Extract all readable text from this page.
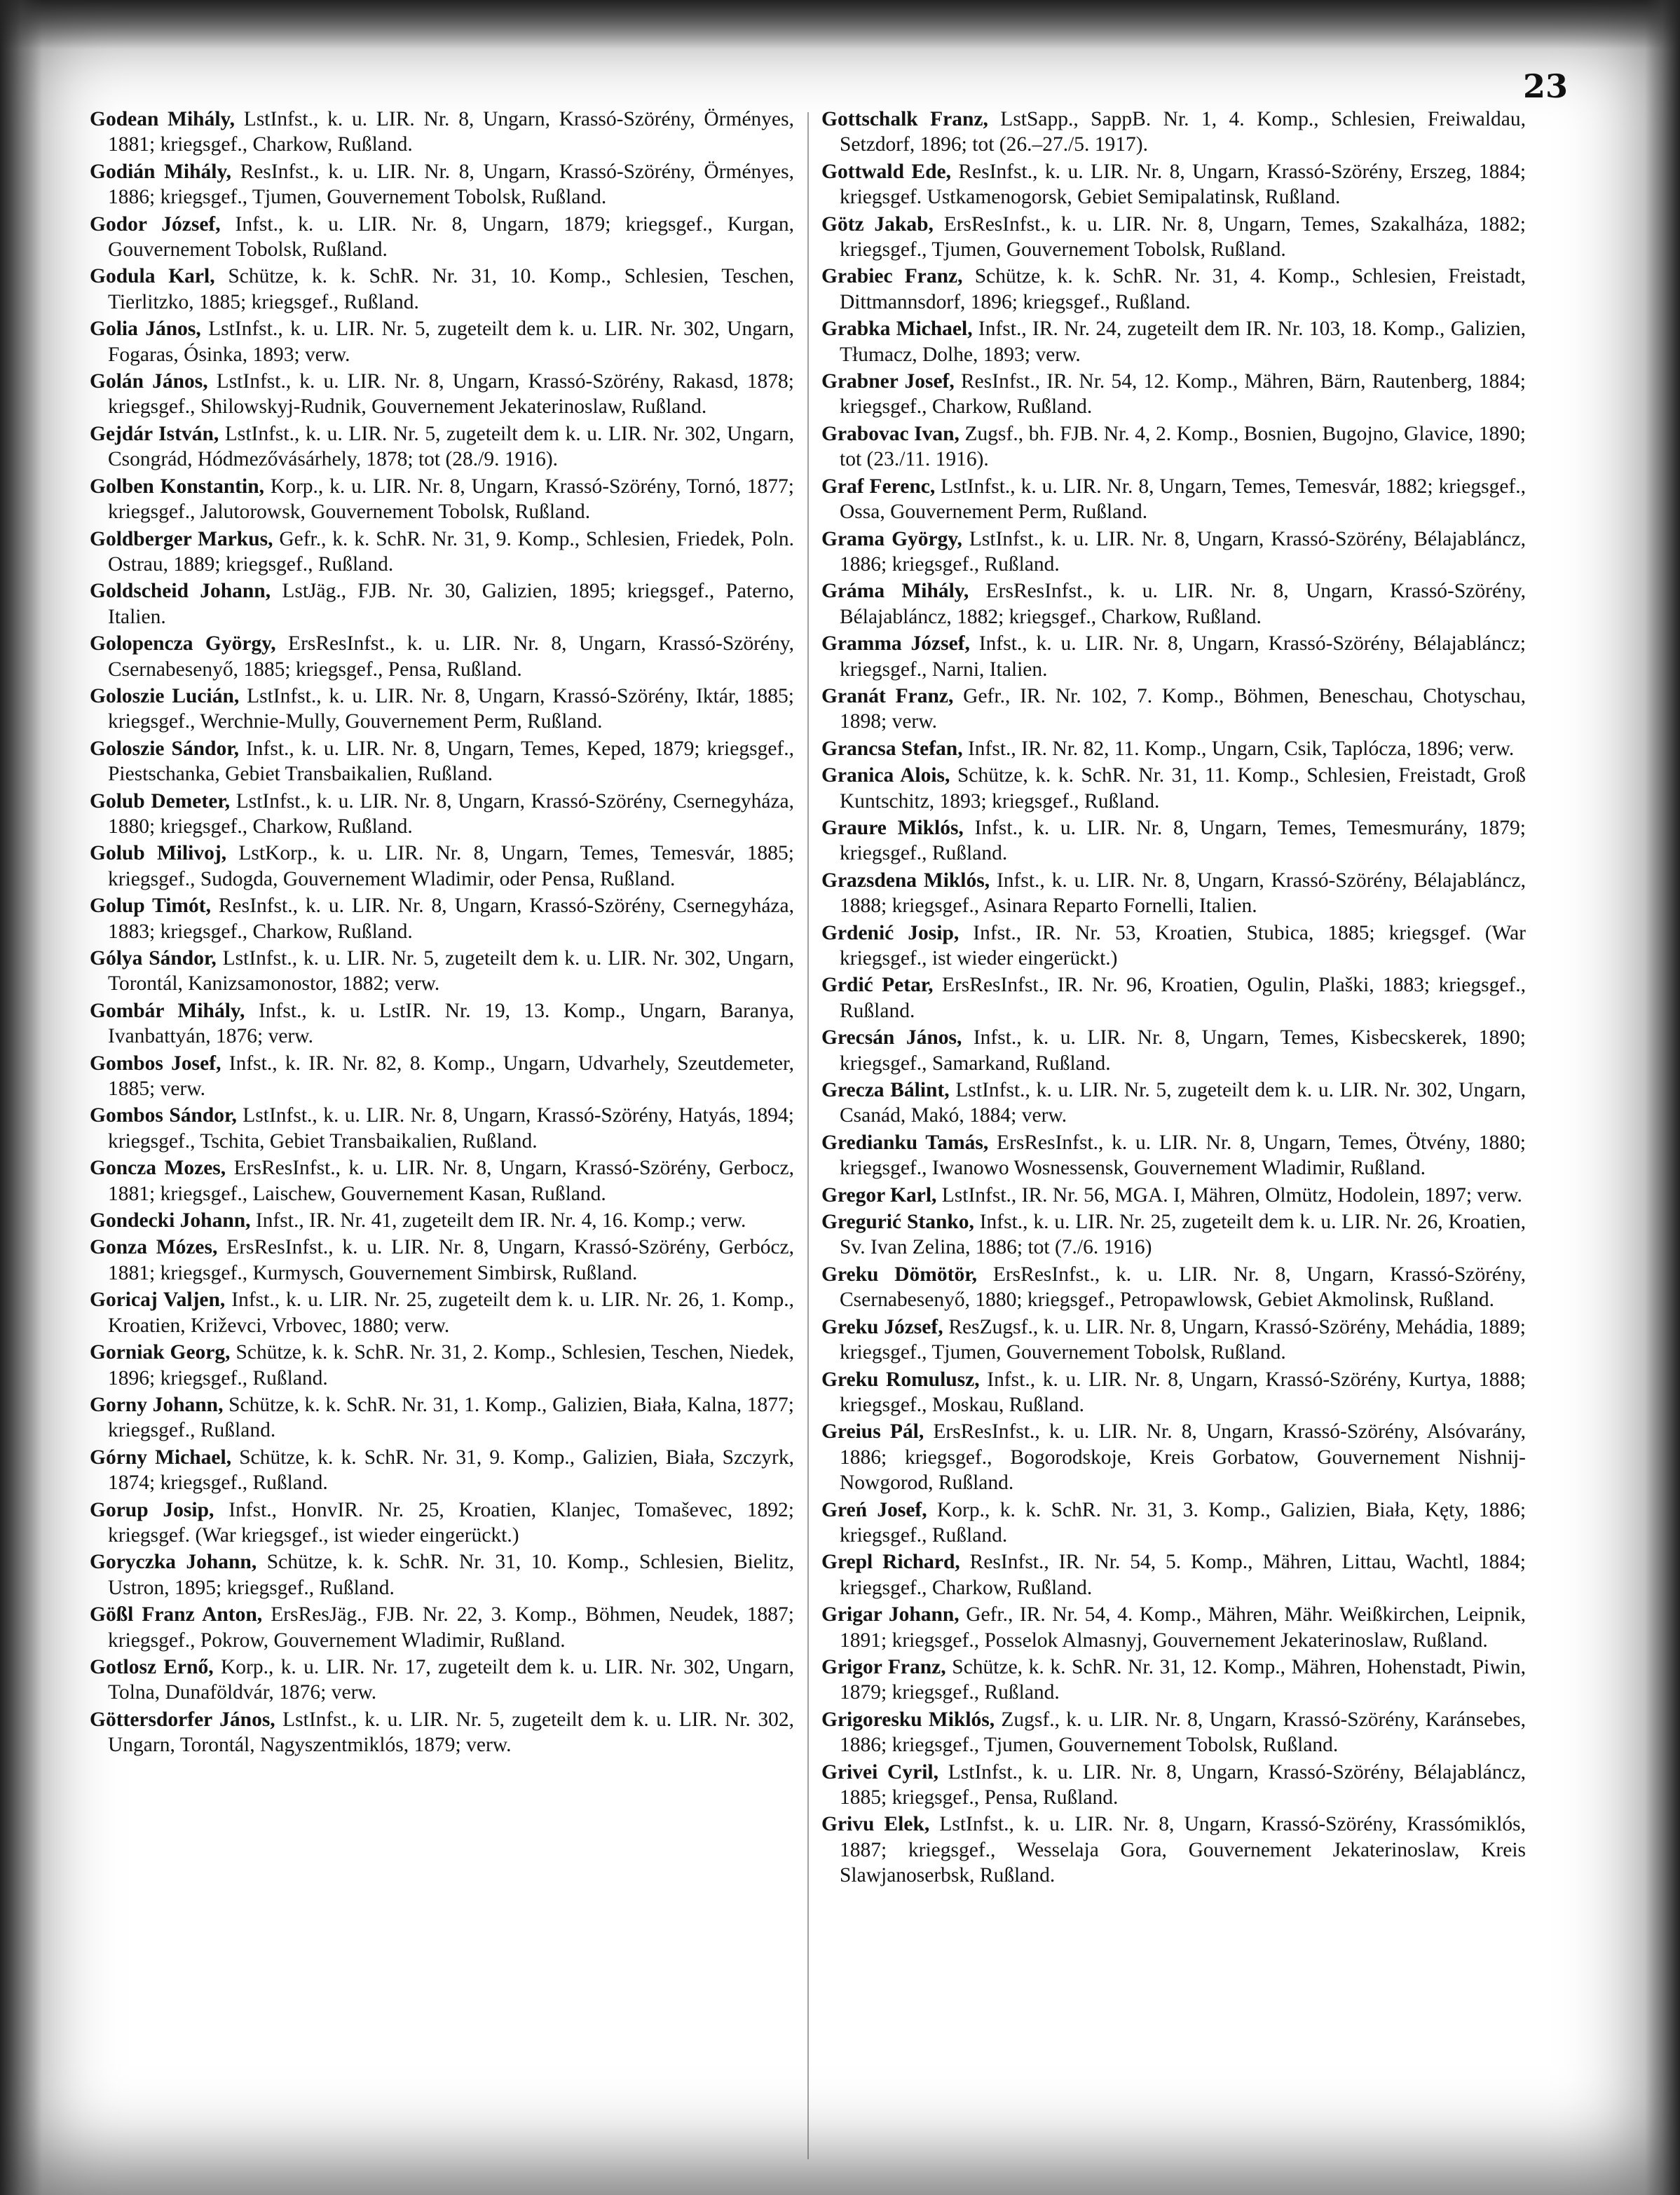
23

Godean Mihály, LstInfst., k. u. LIR. Nr. 8, Ungarn, Krassó-Szörény, Örményes, 1881; kriegsgef., Charkow, Rußland.

Godián Mihály, ResInfst., k. u. LIR. Nr. 8, Ungarn, Krassó-Szörény, Örményes, 1886; kriegsgef., Tjumen, Gouvernement Tobolsk, Rußland.

Godor József, Infst., k. u. LIR. Nr. 8, Ungarn, 1879; kriegsgef., Kurgan, Gouvernement Tobolsk, Rußland.

Godula Karl, Schütze, k. k. SchR. Nr. 31, 10. Komp., Schlesien, Teschen, Tierlitzko, 1885; kriegsgef., Rußland.

Golia János, LstInfst., k. u. LIR. Nr. 5, zugeteilt dem k. u. LIR. Nr. 302, Ungarn, Fogaras, Ósinka, 1893; verw.

Golán János, LstInfst., k. u. LIR. Nr. 8, Ungarn, Krassó-Szörény, Rakasd, 1878; kriegsgef., Shilowskyj-Rudnik, Gouvernement Jekaterinoslaw, Rußland.

Gejdár István, LstInfst., k. u. LIR. Nr. 5, zugeteilt dem k. u. LIR. Nr. 302, Ungarn, Csongrád, Hódmezővásárhely, 1878; tot (28./9. 1916).

Golben Konstantin, Korp., k. u. LIR. Nr. 8, Ungarn, Krassó-Szörény, Tornó, 1877; kriegsgef., Jalutorowsk, Gouvernement Tobolsk, Rußland.

Goldberger Markus, Gefr., k. k. SchR. Nr. 31, 9. Komp., Schlesien, Friedek, Poln. Ostrau, 1889; kriegsgef., Rußland.

Goldscheid Johann, LstJäg., FJB. Nr. 30, Galizien, 1895; kriegsgef., Paterno, Italien.

Golopencza György, ErsResInfst., k. u. LIR. Nr. 8, Ungarn, Krassó-Szörény, Csernabesenyő, 1885; kriegsgef., Pensa, Rußland.

Goloszie Lucián, LstInfst., k. u. LIR. Nr. 8, Ungarn, Krassó-Szörény, Iktár, 1885; kriegsgef., Werchnie-Mully, Gouvernement Perm, Rußland.

Goloszie Sándor, Infst., k. u. LIR. Nr. 8, Ungarn, Temes, Keped, 1879; kriegsgef., Piestschanka, Gebiet Transbaikalien, Rußland.

Golub Demeter, LstInfst., k. u. LIR. Nr. 8, Ungarn, Krassó-Szörény, Csernegyháza, 1880; kriegsgef., Charkow, Rußland.

Golub Milivoj, LstKorp., k. u. LIR. Nr. 8, Ungarn, Temes, Temesvár, 1885; kriegsgef., Sudogda, Gouvernement Wladimir, oder Pensa, Rußland.

Golup Timót, ResInfst., k. u. LIR. Nr. 8, Ungarn, Krassó-Szörény, Csernegyháza, 1883; kriegsgef., Charkow, Rußland.

Gólya Sándor, LstInfst., k. u. LIR. Nr. 5, zugeteilt dem k. u. LIR. Nr. 302, Ungarn, Torontál, Kanizsamonostor, 1882; verw.

Gombár Mihály, Infst., k. u. LstIR. Nr. 19, 13. Komp., Ungarn, Baranya, Ivanbattyán, 1876; verw.

Gombos Josef, Infst., k. IR. Nr. 82, 8. Komp., Ungarn, Udvarhely, Szeutdemeter, 1885; verw.

Gombos Sándor, LstInfst., k. u. LIR. Nr. 8, Ungarn, Krassó-Szörény, Hatyás, 1894; kriegsgef., Tschita, Gebiet Transbaikalien, Rußland.

Goncza Mozes, ErsResInfst., k. u. LIR. Nr. 8, Ungarn, Krassó-Szörény, Gerbocz, 1881; kriegsgef., Laischew, Gouvernement Kasan, Rußland.

Gondecki Johann, Infst., IR. Nr. 41, zugeteilt dem IR. Nr. 4, 16. Komp.; verw.

Gonza Mózes, ErsResInfst., k. u. LIR. Nr. 8, Ungarn, Krassó-Szörény, Gerbócz, 1881; kriegsgef., Kurmysch, Gouvernement Simbirsk, Rußland.

Goricaj Valjen, Infst., k. u. LIR. Nr. 25, zugeteilt dem k. u. LIR. Nr. 26, 1. Komp., Kroatien, Križevci, Vrbovec, 1880; verw.

Gorniak Georg, Schütze, k. k. SchR. Nr. 31, 2. Komp., Schlesien, Teschen, Niedek, 1896; kriegsgef., Rußland.

Gorny Johann, Schütze, k. k. SchR. Nr. 31, 1. Komp., Galizien, Biała, Kalna, 1877; kriegsgef., Rußland.

Górny Michael, Schütze, k. k. SchR. Nr. 31, 9. Komp., Galizien, Biała, Szczyrk, 1874; kriegsgef., Rußland.

Gorup Josip, Infst., HonvIR. Nr. 25, Kroatien, Klanjec, Tomaševec, 1892; kriegsgef. (War kriegsgef., ist wieder eingerückt.)

Goryczka Johann, Schütze, k. k. SchR. Nr. 31, 10. Komp., Schlesien, Bielitz, Ustron, 1895; kriegsgef., Rußland.

Gößl Franz Anton, ErsResJäg., FJB. Nr. 22, 3. Komp., Böhmen, Neudek, 1887; kriegsgef., Pokrow, Gouvernement Wladimir, Rußland.

Gotlosz Ernő, Korp., k. u. LIR. Nr. 17, zugeteilt dem k. u. LIR. Nr. 302, Ungarn, Tolna, Dunaföldvár, 1876; verw.

Göttersdorfer János, LstInfst., k. u. LIR. Nr. 5, zugeteilt dem k. u. LIR. Nr. 302, Ungarn, Torontál, Nagyszentmiklós, 1879; verw.

Gottschalk Franz, LstSapp., SappB. Nr. 1, 4. Komp., Schlesien, Freiwaldau, Setzdorf, 1896; tot (26.–27./5. 1917).

Gottwald Ede, ResInfst., k. u. LIR. Nr. 8, Ungarn, Krassó-Szörény, Erszeg, 1884; kriegsgef. Ustkamenogorsk, Gebiet Semipalatinsk, Rußland.

Götz Jakab, ErsResInfst., k. u. LIR. Nr. 8, Ungarn, Temes, Szakalháza, 1882; kriegsgef., Tjumen, Gouvernement Tobolsk, Rußland.

Grabiec Franz, Schütze, k. k. SchR. Nr. 31, 4. Komp., Schlesien, Freistadt, Dittmannsdorf, 1896; kriegsgef., Rußland.

Grabka Michael, Infst., IR. Nr. 24, zugeteilt dem IR. Nr. 103, 18. Komp., Galizien, Tłumacz, Dolhe, 1893; verw.

Grabner Josef, ResInfst., IR. Nr. 54, 12. Komp., Mähren, Bärn, Rautenberg, 1884; kriegsgef., Charkow, Rußland.

Grabovac Ivan, Zugsf., bh. FJB. Nr. 4, 2. Komp., Bosnien, Bugojno, Glavice, 1890; tot (23./11. 1916).

Graf Ferenc, LstInfst., k. u. LIR. Nr. 8, Ungarn, Temes, Temesvár, 1882; kriegsgef., Ossa, Gouvernement Perm, Rußland.

Grama György, LstInfst., k. u. LIR. Nr. 8, Ungarn, Krassó-Szörény, Bélajabláncz, 1886; kriegsgef., Rußland.

Gráma Mihály, ErsResInfst., k. u. LIR. Nr. 8, Ungarn, Krassó-Szörény, Bélajabláncz, 1882; kriegsgef., Charkow, Rußland.

Gramma József, Infst., k. u. LIR. Nr. 8, Ungarn, Krassó-Szörény, Bélajabláncz; kriegsgef., Narni, Italien.

Granát Franz, Gefr., IR. Nr. 102, 7. Komp., Böhmen, Beneschau, Chotyschau, 1898; verw.

Grancsa Stefan, Infst., IR. Nr. 82, 11. Komp., Ungarn, Csik, Taplócza, 1896; verw.

Granica Alois, Schütze, k. k. SchR. Nr. 31, 11. Komp., Schlesien, Freistadt, Groß Kuntschitz, 1893; kriegsgef., Rußland.

Graure Miklós, Infst., k. u. LIR. Nr. 8, Ungarn, Temes, Temesmurány, 1879; kriegsgef., Rußland.

Grazsdena Miklós, Infst., k. u. LIR. Nr. 8, Ungarn, Krassó-Szörény, Bélajabláncz, 1888; kriegsgef., Asinara Reparto Fornelli, Italien.

Grdenić Josip, Infst., IR. Nr. 53, Kroatien, Stubica, 1885; kriegsgef. (War kriegsgef., ist wieder eingerückt.)

Grdić Petar, ErsResInfst., IR. Nr. 96, Kroatien, Ogulin, Plaški, 1883; kriegsgef., Rußland.

Grecsán János, Infst., k. u. LIR. Nr. 8, Ungarn, Temes, Kisbecskerek, 1890; kriegsgef., Samarkand, Rußland.

Grecza Bálint, LstInfst., k. u. LIR. Nr. 5, zugeteilt dem k. u. LIR. Nr. 302, Ungarn, Csanád, Makó, 1884; verw.

Gredianku Tamás, ErsResInfst., k. u. LIR. Nr. 8, Ungarn, Temes, Ötvény, 1880; kriegsgef., Iwanowo Wosnessensk, Gouvernement Wladimir, Rußland.

Gregor Karl, LstInfst., IR. Nr. 56, MGA. I, Mähren, Olmütz, Hodolein, 1897; verw.

Gregurić Stanko, Infst., k. u. LIR. Nr. 25, zugeteilt dem k. u. LIR. Nr. 26, Kroatien, Sv. Ivan Zelina, 1886; tot (7./6. 1916)

Greku Dömötör, ErsResInfst., k. u. LIR. Nr. 8, Ungarn, Krassó-Szörény, Csernabesenyő, 1880; kriegsgef., Petropawlowsk, Gebiet Akmolinsk, Rußland.

Greku József, ResZugsf., k. u. LIR. Nr. 8, Ungarn, Krassó-Szörény, Mehádia, 1889; kriegsgef., Tjumen, Gouvernement Tobolsk, Rußland.

Greku Romulusz, Infst., k. u. LIR. Nr. 8, Ungarn, Krassó-Szörény, Kurtya, 1888; kriegsgef., Moskau, Rußland.

Greius Pál, ErsResInfst., k. u. LIR. Nr. 8, Ungarn, Krassó-Szörény, Alsóvarány, 1886; kriegsgef., Bogorodskoje, Kreis Gorbatow, Gouvernement Nishnij-Nowgorod, Rußland.

Greń Josef, Korp., k. k. SchR. Nr. 31, 3. Komp., Galizien, Biała, Kęty, 1886; kriegsgef., Rußland.

Grepl Richard, ResInfst., IR. Nr. 54, 5. Komp., Mähren, Littau, Wachtl, 1884; kriegsgef., Charkow, Rußland.

Grigar Johann, Gefr., IR. Nr. 54, 4. Komp., Mähren, Mähr. Weißkirchen, Leipnik, 1891; kriegsgef., Posselok Almasnyj, Gouvernement Jekaterinoslaw, Rußland.

Grigor Franz, Schütze, k. k. SchR. Nr. 31, 12. Komp., Mähren, Hohenstadt, Piwin, 1879; kriegsgef., Rußland.

Grigoresku Miklós, Zugsf., k. u. LIR. Nr. 8, Ungarn, Krassó-Szörény, Karánsebes, 1886; kriegsgef., Tjumen, Gouvernement Tobolsk, Rußland.

Grivei Cyril, LstInfst., k. u. LIR. Nr. 8, Ungarn, Krassó-Szörény, Bélajabláncz, 1885; kriegsgef., Pensa, Rußland.

Grivu Elek, LstInfst., k. u. LIR. Nr. 8, Ungarn, Krassó-Szörény, Krassómiklós, 1887; kriegsgef., Wesselaja Gora, Gouvernement Jekaterinoslaw, Kreis Slawjanoserbsk, Rußland.
